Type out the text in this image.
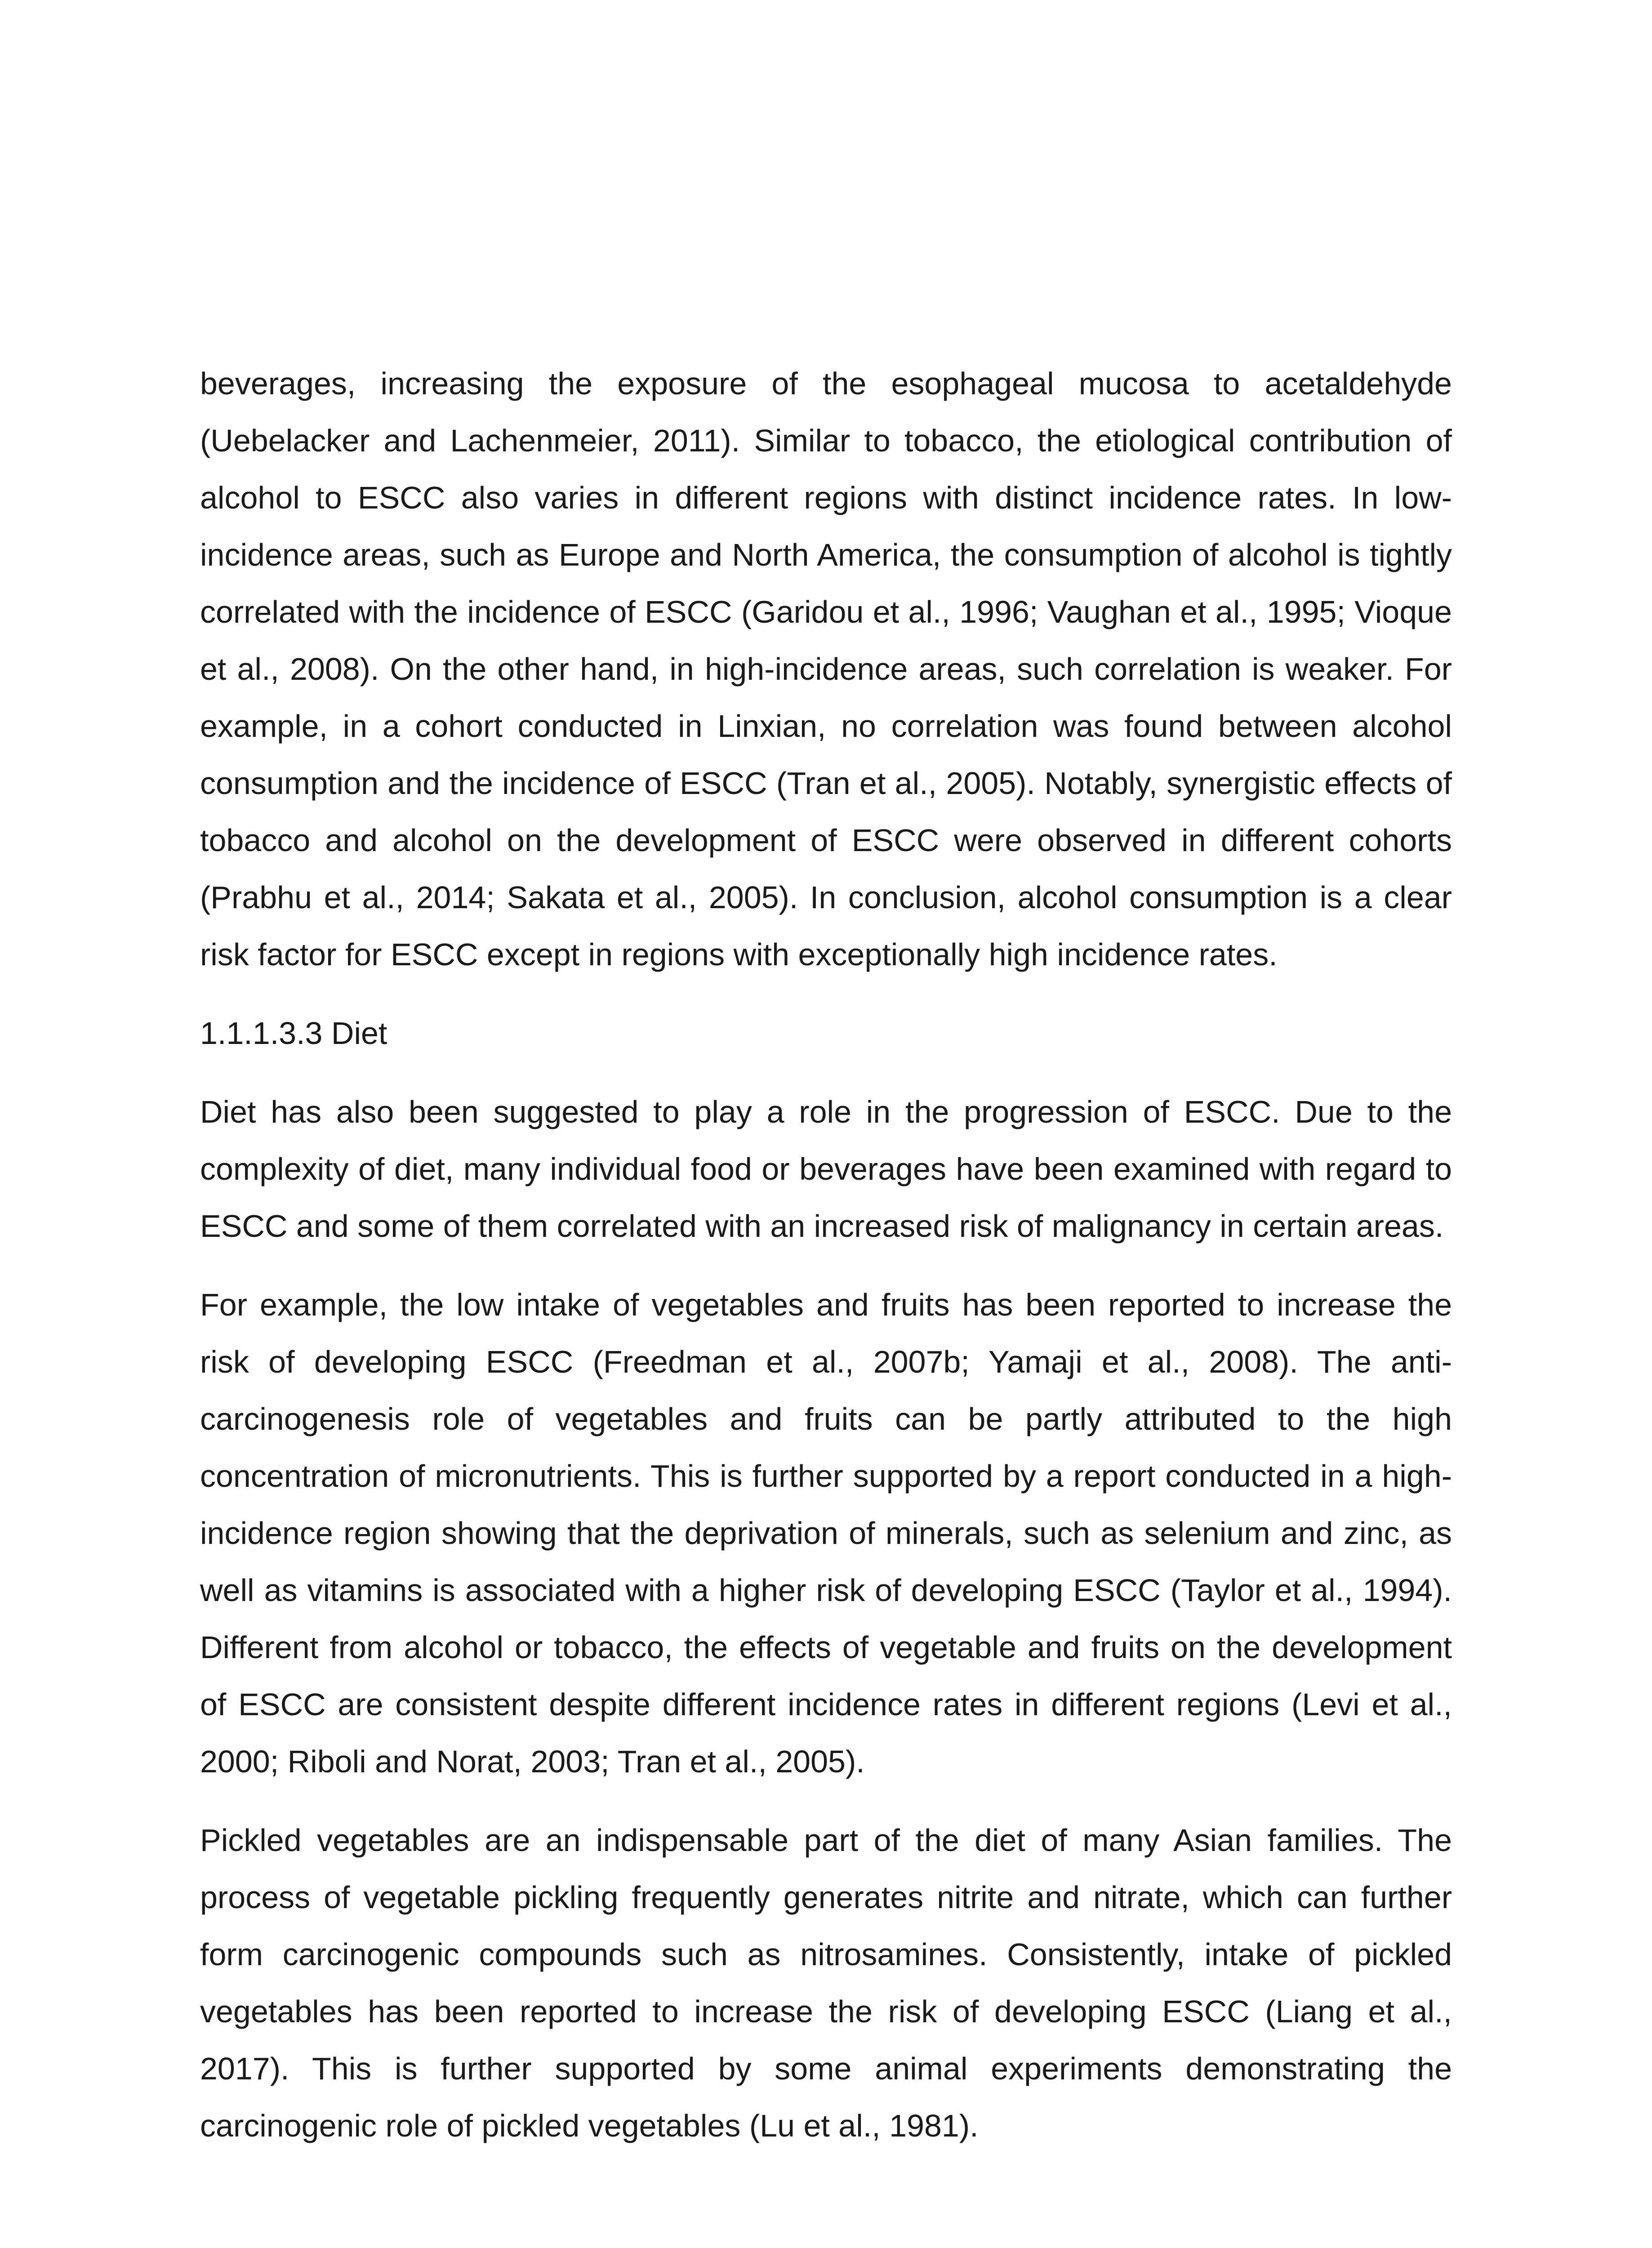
beverages, increasing the exposure of the esophageal mucosa to acetaldehyde (Uebelacker and Lachenmeier, 2011). Similar to tobacco, the etiological contribution of alcohol to ESCC also varies in different regions with distinct incidence rates. In low-incidence areas, such as Europe and North America, the consumption of alcohol is tightly correlated with the incidence of ESCC (Garidou et al., 1996; Vaughan et al., 1995; Vioque et al., 2008). On the other hand, in high-incidence areas, such correlation is weaker. For example, in a cohort conducted in Linxian, no correlation was found between alcohol consumption and the incidence of ESCC (Tran et al., 2005). Notably, synergistic effects of tobacco and alcohol on the development of ESCC were observed in different cohorts (Prabhu et al., 2014; Sakata et al., 2005). In conclusion, alcohol consumption is a clear risk factor for ESCC except in regions with exceptionally high incidence rates.

1.1.1.3.3 Diet

Diet has also been suggested to play a role in the progression of ESCC. Due to the complexity of diet, many individual food or beverages have been examined with regard to ESCC and some of them correlated with an increased risk of malignancy in certain areas.

For example, the low intake of vegetables and fruits has been reported to increase the risk of developing ESCC (Freedman et al., 2007b; Yamaji et al., 2008). The anti-carcinogenesis role of vegetables and fruits can be partly attributed to the high concentration of micronutrients. This is further supported by a report conducted in a high-incidence region showing that the deprivation of minerals, such as selenium and zinc, as well as vitamins is associated with a higher risk of developing ESCC (Taylor et al., 1994). Different from alcohol or tobacco, the effects of vegetable and fruits on the development of ESCC are consistent despite different incidence rates in different regions (Levi et al., 2000; Riboli and Norat, 2003; Tran et al., 2005).

Pickled vegetables are an indispensable part of the diet of many Asian families. The process of vegetable pickling frequently generates nitrite and nitrate, which can further form carcinogenic compounds such as nitrosamines. Consistently, intake of pickled vegetables has been reported to increase the risk of developing ESCC (Liang et al., 2017). This is further supported by some animal experiments demonstrating the carcinogenic role of pickled vegetables (Lu et al., 1981).
